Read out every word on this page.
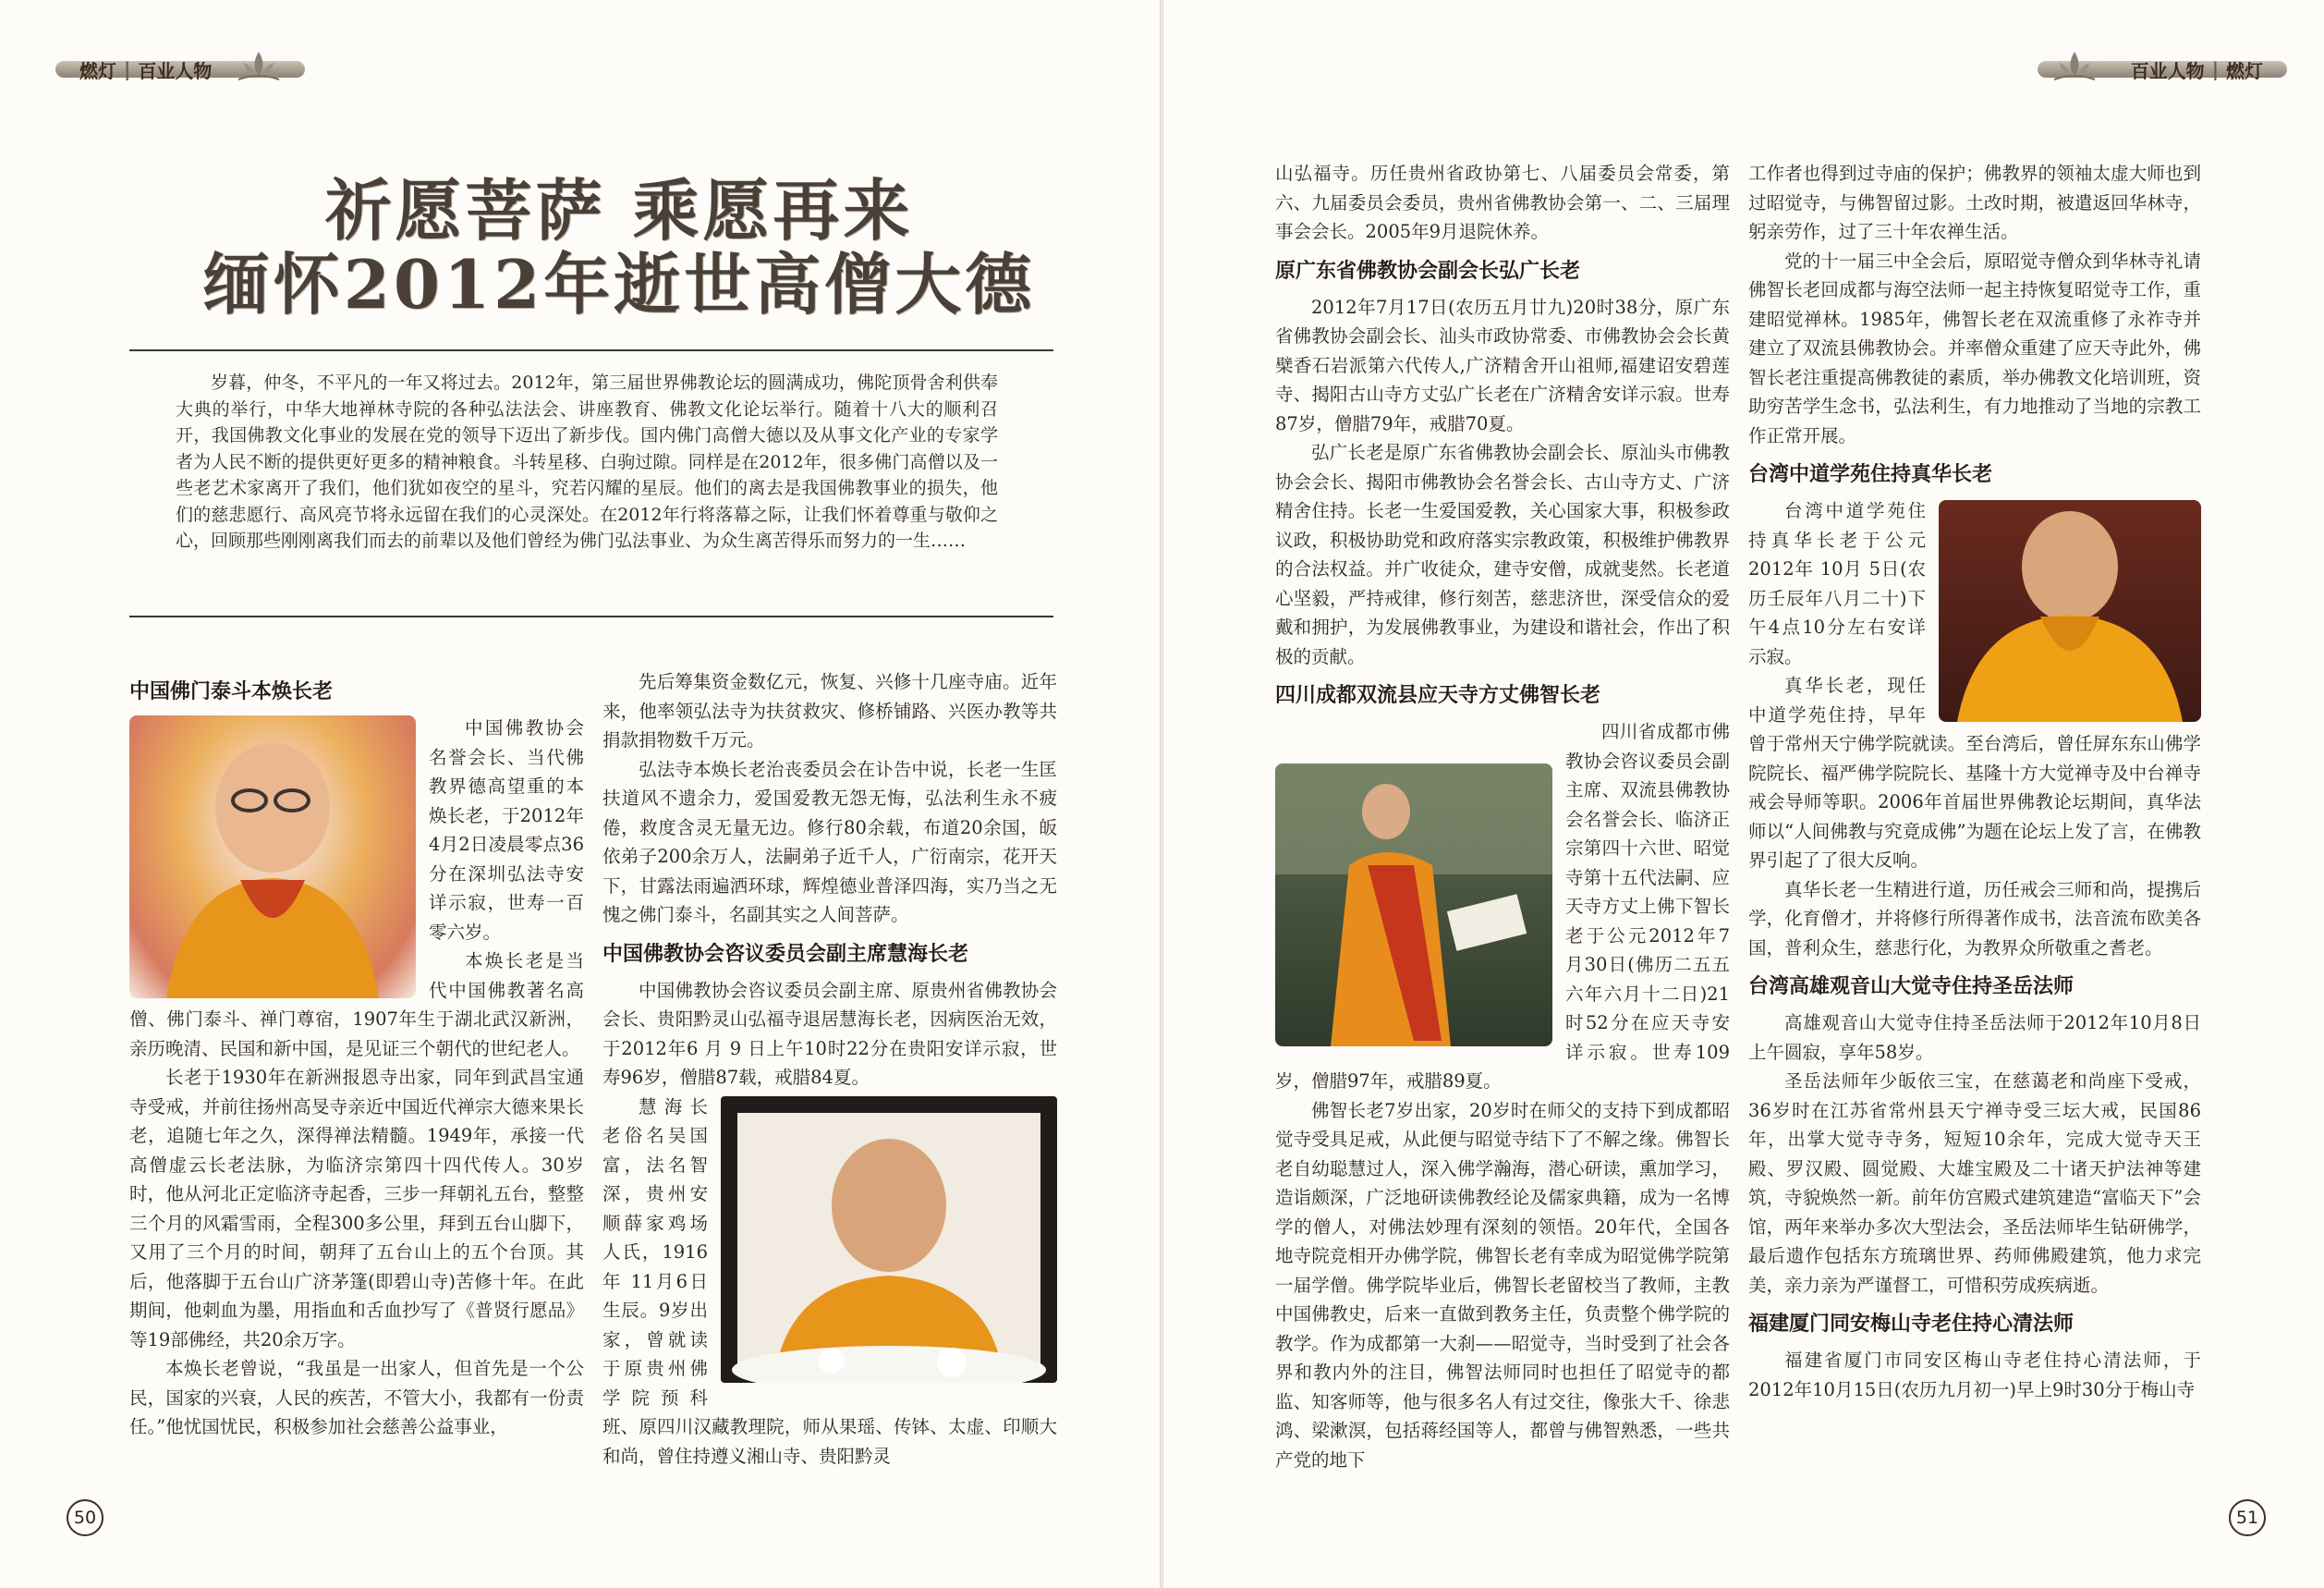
燃灯 | 百业人物	百业人物 | 燃灯
祈愿菩萨 乘愿再来
缅怀2012年逝世高僧大德
岁暮，仲冬，不平凡的一年又将过去。2012年，第三届世界佛教论坛的圆满成功，佛陀顶骨舍利供奉大典的举行，中华大地禅林寺院的各种弘法法会、讲座教育、佛教文化论坛举行。随着十八大的顺利召开，我国佛教文化事业的发展在党的领导下迈出了新步伐。国内佛门高僧大德以及从事文化产业的专家学者为人民不断的提供更好更多的精神粮食。斗转星移、白驹过隙。同样是在2012年，很多佛门高僧以及一些老艺术家离开了我们，他们犹如夜空的星斗，究若闪耀的星辰。他们的离去是我国佛教事业的损失，他们的慈悲愿行、高风亮节将永远留在我们的心灵深处。在2012年行将落幕之际，让我们怀着尊重与敬仰之心，回顾那些刚刚离我们而去的前辈以及他们曾经为佛门弘法事业、为众生离苦得乐而努力的一生……
中国佛门泰斗本焕长老

中国佛教协会名誉会长、当代佛教界德高望重的本焕长老，于2012年4月2日凌晨零点36分在深圳弘法寺安详示寂，世寿一百零六岁。

本焕长老是当代中国佛教著名高僧、佛门泰斗、禅门尊宿，1907年生于湖北武汉新洲，亲历晚清、民国和新中国，是见证三个朝代的世纪老人。

长老于1930年在新洲报恩寺出家，同年到武昌宝通寺受戒，并前往扬州高旻寺亲近中国近代禅宗大德来果长老，追随七年之久，深得禅法精髓。1949年，承接一代高僧虚云长老法脉，为临济宗第四十四代传人。30岁时，他从河北正定临济寺起香，三步一拜朝礼五台，整整三个月的风霜雪雨，全程300多公里，拜到五台山脚下，又用了三个月的时间，朝拜了五台山上的五个台顶。其后，他落脚于五台山广济茅篷(即碧山寺)苦修十年。在此期间，他刺血为墨，用指血和舌血抄写了《普贤行愿品》等19部佛经，共20余万字。

本焕长老曾说，“我虽是一出家人，但首先是一个公民，国家的兴衰，人民的疾苦，不管大小，我都有一份责任。”他忧国忧民，积极参加社会慈善公益事业，

先后筹集资金数亿元，恢复、兴修十几座寺庙。近年来，他率领弘法寺为扶贫救灾、修桥铺路、兴医办教等共捐款捐物数千万元。

弘法寺本焕长老治丧委员会在讣告中说，长老一生匡扶道风不遗余力，爱国爱教无怨无悔，弘法利生永不疲倦，救度含灵无量无边。修行80余载，布道20余国，皈依弟子200余万人，法嗣弟子近千人，广衍南宗，花开天下，甘露法雨遍洒环球，辉煌德业普泽四海，实乃当之无愧之佛门泰斗，名副其实之人间菩萨。

中国佛教协会咨议委员会副主席慧海长老

中国佛教协会咨议委员会副主席、原贵州省佛教协会会长、贵阳黔灵山弘福寺退居慧海长老，因病医治无效，于2012年6 月 9 日上午10时22分在贵阳安详示寂，世寿96岁，僧腊87载，戒腊84夏。

慧海长老俗名吴国富，法名智深，贵州安顺薛家鸡场人氏，1916年 11月6日生辰。9岁出家，曾就读于原贵州佛学院预科班、原四川汉藏教理院，师从果瑶、传钵、太虚、印顺大和尚，曾住持遵义湘山寺、贵阳黔灵

山弘福寺。历任贵州省政协第七、八届委员会常委，第六、九届委员会委员，贵州省佛教协会第一、二、三届理事会会长。2005年9月退院休养。

原广东省佛教协会副会长弘广长老

2012年7月17日(农历五月廿九)20时38分，原广东省佛教协会副会长、汕头市政协常委、市佛教协会会长黄檗香石岩派第六代传人,广济精舍开山祖师,福建诏安碧莲寺、揭阳古山寺方丈弘广长老在广济精舍安详示寂。世寿87岁，僧腊79年，戒腊70夏。

弘广长老是原广东省佛教协会副会长、原汕头市佛教协会会长、揭阳市佛教协会名誉会长、古山寺方丈、广济精舍住持。长老一生爱国爱教，关心国家大事，积极参政议政，积极协助党和政府落实宗教政策，积极维护佛教界的合法权益。并广收徒众，建寺安僧，成就斐然。长老道心坚毅，严持戒律，修行刻苦，慈悲济世，深受信众的爱戴和拥护，为发展佛教事业，为建设和谐社会，作出了积极的贡献。

四川成都双流县应天寺方丈佛智长老

四川省成都市佛教协会咨议委员会副主席、双流县佛教协会名誉会长、临济正宗第四十六世、昭觉寺第十五代法嗣、应天寺方丈上佛下智长老于公元2012年7月30日(佛历二五五六年六月十二日)21时52分在应天寺安详示寂。世寿109岁，僧腊97年，戒腊89夏。

佛智长老7岁出家，20岁时在师父的支持下到成都昭觉寺受具足戒，从此便与昭觉寺结下了不解之缘。佛智长老自幼聪慧过人，深入佛学瀚海，潜心研读，熏加学习，造诣颇深，广泛地研读佛教经论及儒家典籍，成为一名博学的僧人，对佛法妙理有深刻的领悟。20年代，全国各地寺院竞相开办佛学院，佛智长老有幸成为昭觉佛学院第一届学僧。佛学院毕业后，佛智长老留校当了教师，主教中国佛教史，后来一直做到教务主任，负责整个佛学院的教学。作为成都第一大刹——昭觉寺，当时受到了社会各界和教内外的注目，佛智法师同时也担任了昭觉寺的都监、知客师等，他与很多名人有过交往，像张大千、徐悲鸿、梁漱溟，包括蒋经国等人，都曾与佛智熟悉，一些共产党的地下

工作者也得到过寺庙的保护；佛教界的领袖太虚大师也到过昭觉寺，与佛智留过影。土改时期，被遣返回华林寺，躬亲劳作，过了三十年农禅生活。

党的十一届三中全会后，原昭觉寺僧众到华林寺礼请佛智长老回成都与海空法师一起主持恢复昭觉寺工作，重建昭觉禅林。1985年，佛智长老在双流重修了永祚寺并建立了双流县佛教协会。并率僧众重建了应天寺此外，佛智长老注重提高佛教徒的素质，举办佛教文化培训班，资助穷苦学生念书，弘法利生，有力地推动了当地的宗教工作正常开展。

台湾中道学苑住持真华长老

台湾中道学苑住持真华长老于公元 2012年 10月 5日(农历壬辰年八月二十)下午4点10分左右安详示寂。

真华长老，现任中道学苑住持，早年曾于常州天宁佛学院就读。至台湾后，曾任屏东东山佛学院院长、福严佛学院院长、基隆十方大觉禅寺及中台禅寺戒会导师等职。2006年首届世界佛教论坛期间，真华法师以“人间佛教与究竟成佛”为题在论坛上发了言，在佛教界引起了了很大反响。

真华长老一生精进行道，历任戒会三师和尚，提携后学，化育僧才，并将修行所得著作成书，法音流布欧美各国，普利众生，慈悲行化，为教界众所敬重之耆老。

台湾高雄观音山大觉寺住持圣岳法师

高雄观音山大觉寺住持圣岳法师于2012年10月8日上午圆寂，享年58岁。

圣岳法师年少皈依三宝，在慈蔼老和尚座下受戒，36岁时在江苏省常州县天宁禅寺受三坛大戒，民国86年，出掌大觉寺寺务，短短10余年，完成大觉寺天王殿、罗汉殿、圆觉殿、大雄宝殿及二十诸天护法神等建筑，寺貌焕然一新。前年仿宫殿式建筑建造“富临天下”会馆，两年来举办多次大型法会，圣岳法师毕生钻研佛学，最后遗作包括东方琉璃世界、药师佛殿建筑，他力求完美，亲力亲为严谨督工，可惜积劳成疾病逝。

福建厦门同安梅山寺老住持心清法师

福建省厦门市同安区梅山寺老住持心清法师，于2012年10月15日(农历九月初一)早上9时30分于梅山寺

50	51
